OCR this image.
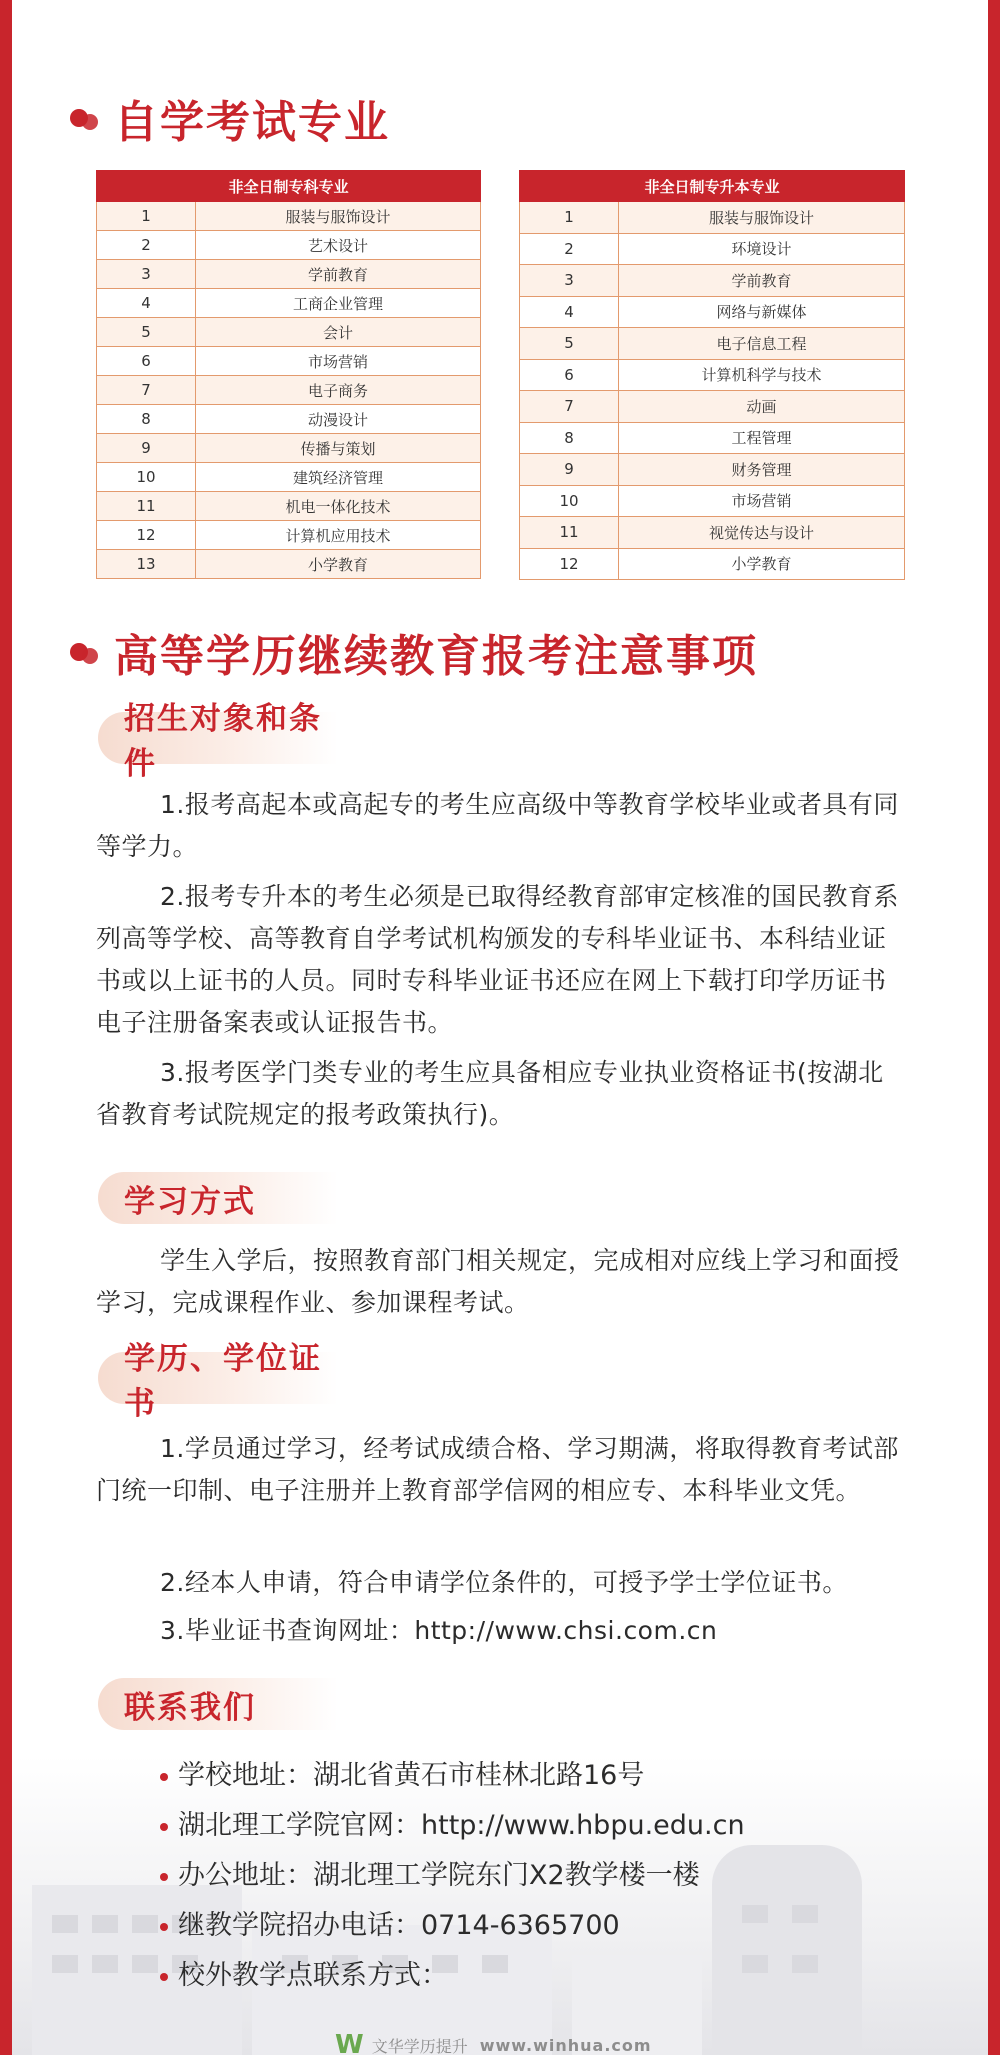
自学考试专业
非全日制专科专业	
1	服装与服饰设计
2	艺术设计
3	学前教育
4	工商企业管理
5	会计
6	市场营销
7	电子商务
8	动漫设计
9	传播与策划
10	建筑经济管理
11	机电一体化技术
12	计算机应用技术
13	小学教育
非全日制专升本专业	
1	服装与服饰设计
2	环境设计
3	学前教育
4	网络与新媒体
5	电子信息工程
6	计算机科学与技术
7	动画
8	工程管理
9	财务管理
10	市场营销
11	视觉传达与设计
12	小学教育
高等学历继续教育报考注意事项
招生对象和条件

1.报考高起本或高起专的考生应高级中等教育学校毕业或者具有同等学力。

2.报考专升本的考生必须是已取得经教育部审定核准的国民教育系列高等学校、高等教育自学考试机构颁发的专科毕业证书、本科结业证书或以上证书的人员。同时专科毕业证书还应在网上下载打印学历证书电子注册备案表或认证报告书。

3.报考医学门类专业的考生应具备相应专业执业资格证书(按湖北省教育考试院规定的报考政策执行)。

学习方式

学生入学后，按照教育部门相关规定，完成相对应线上学习和面授学习，完成课程作业、参加课程考试。

学历、学位证书

1.学员通过学习，经考试成绩合格、学习期满，将取得教育考试部门统一印制、电子注册并上教育部学信网的相应专、本科毕业文凭。

2.经本人申请，符合申请学位条件的，可授予学士学位证书。

3.毕业证书查询网址：http://www.chsi.com.cn

联系我们
学校地址：湖北省黄石市桂林北路16号
湖北理工学院官网：http://www.hbpu.edu.cn
办公地址：湖北理工学院东门X2教学楼一楼
继教学院招办电话：0714-6365700
校外教学点联系方式：
W 文华学历提升 www.winhua.com
